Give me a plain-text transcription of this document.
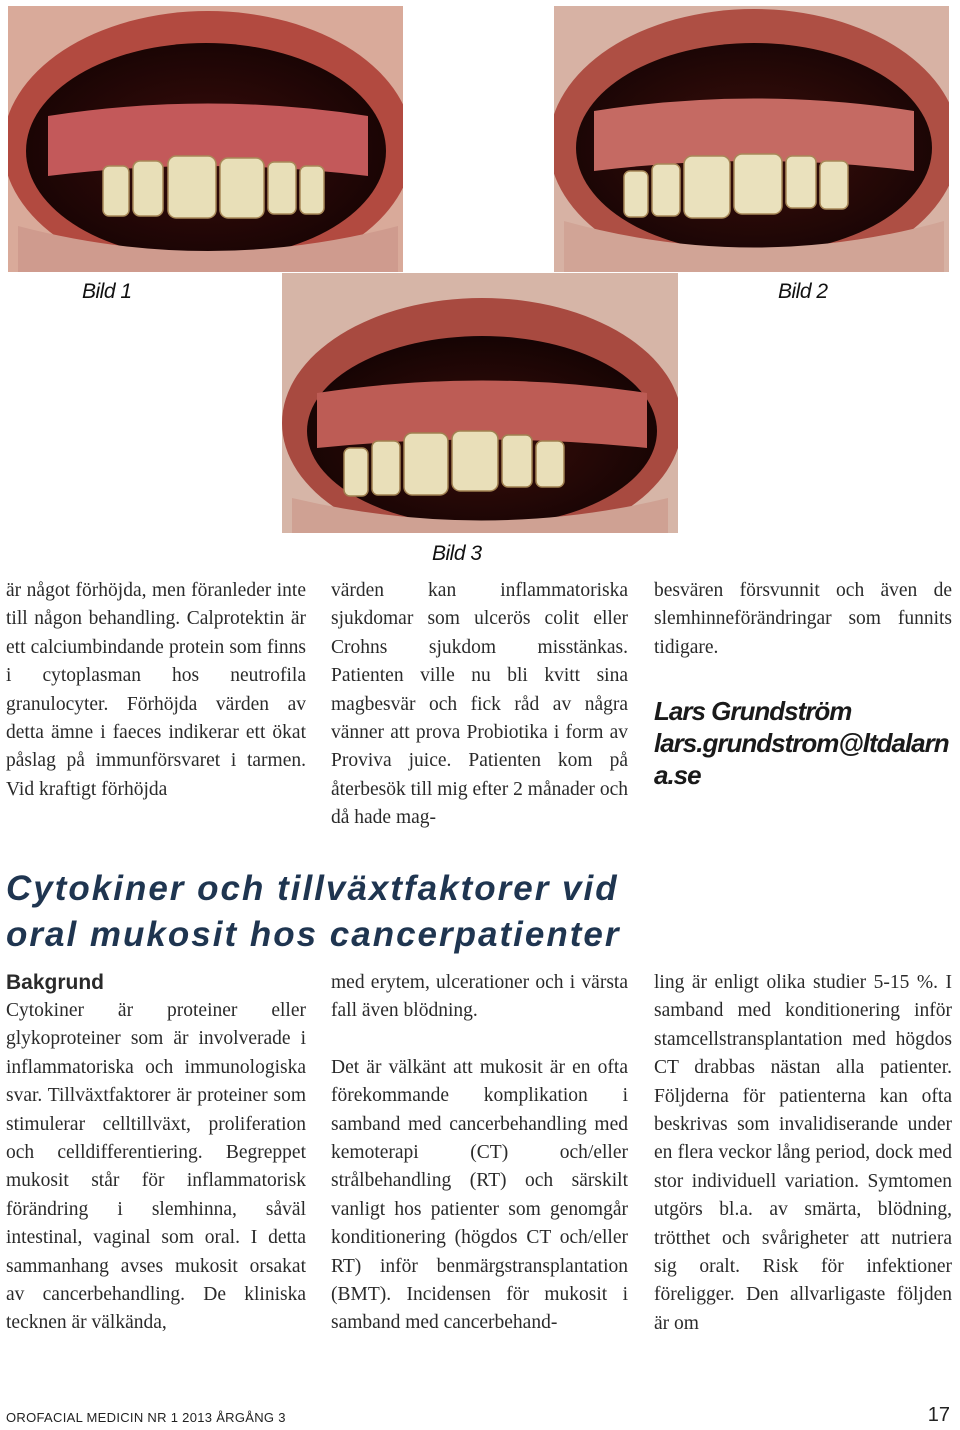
Bild 1	Bild 2
Bild 3

är något förhöjda, men föranleder inte till någon behandling. Calprotektin är ett calciumbindande protein som finns i cytoplasman hos neutrofila granulocyter. Förhöjda värden av detta ämne i faeces indikerar ett ökat påslag på immunförsvaret i tarmen. Vid kraftigt förhöjda

värden kan inflammatoriska sjukdomar som ulcerös colit eller Crohns sjukdom misstänkas. Patienten ville nu bli kvitt sina magbesvär och fick råd av några vänner att prova Probiotika i form av Proviva juice. Patienten kom på återbesök till mig efter 2 månader och då hade mag-

besvären försvunnit och även de slemhinneförändringar som funnits tidigare.

Lars Grundström
lars.grundstrom@ltdalarna.se
Cytokiner och tillväxtfaktorer vid oral mukosit hos cancerpatienter
Bakgrund

Cytokiner är proteiner eller glykoproteiner som är involverade i inflammatoriska och immunologiska svar. Tillväxtfaktorer är proteiner som stimulerar celltillväxt, proliferation och celldifferentiering. Begreppet mukosit står för inflammatorisk förändring i slemhinna, såväl intestinal, vaginal som oral. I detta sammanhang avses mukosit orsakat av cancerbehandling. De kliniska tecknen är välkända,

med erytem, ulcerationer och i värsta fall även blödning.

Det är välkänt att mukosit är en ofta förekommande komplikation i samband med cancerbehandling med kemoterapi (CT) och/eller strålbehandling (RT) och särskilt vanligt hos patienter som genomgår konditionering (högdos CT och/eller RT) inför benmärgstransplantation (BMT). Incidensen för mukosit i samband med cancerbehand-

ling är enligt olika studier 5-15 %. I samband med konditionering inför stamcellstransplantation med högdos CT drabbas nästan alla patienter. Följderna för patienterna kan ofta beskrivas som invalidiserande under en flera veckor lång period, dock med stor individuell variation. Symtomen utgörs bl.a. av smärta, blödning, trötthet och svårigheter att nutriera sig oralt. Risk för infektioner föreligger. Den allvarligaste följden är om

OROFACIAL MEDICIN NR 1 2013 ÅRGÅNG 3	17
